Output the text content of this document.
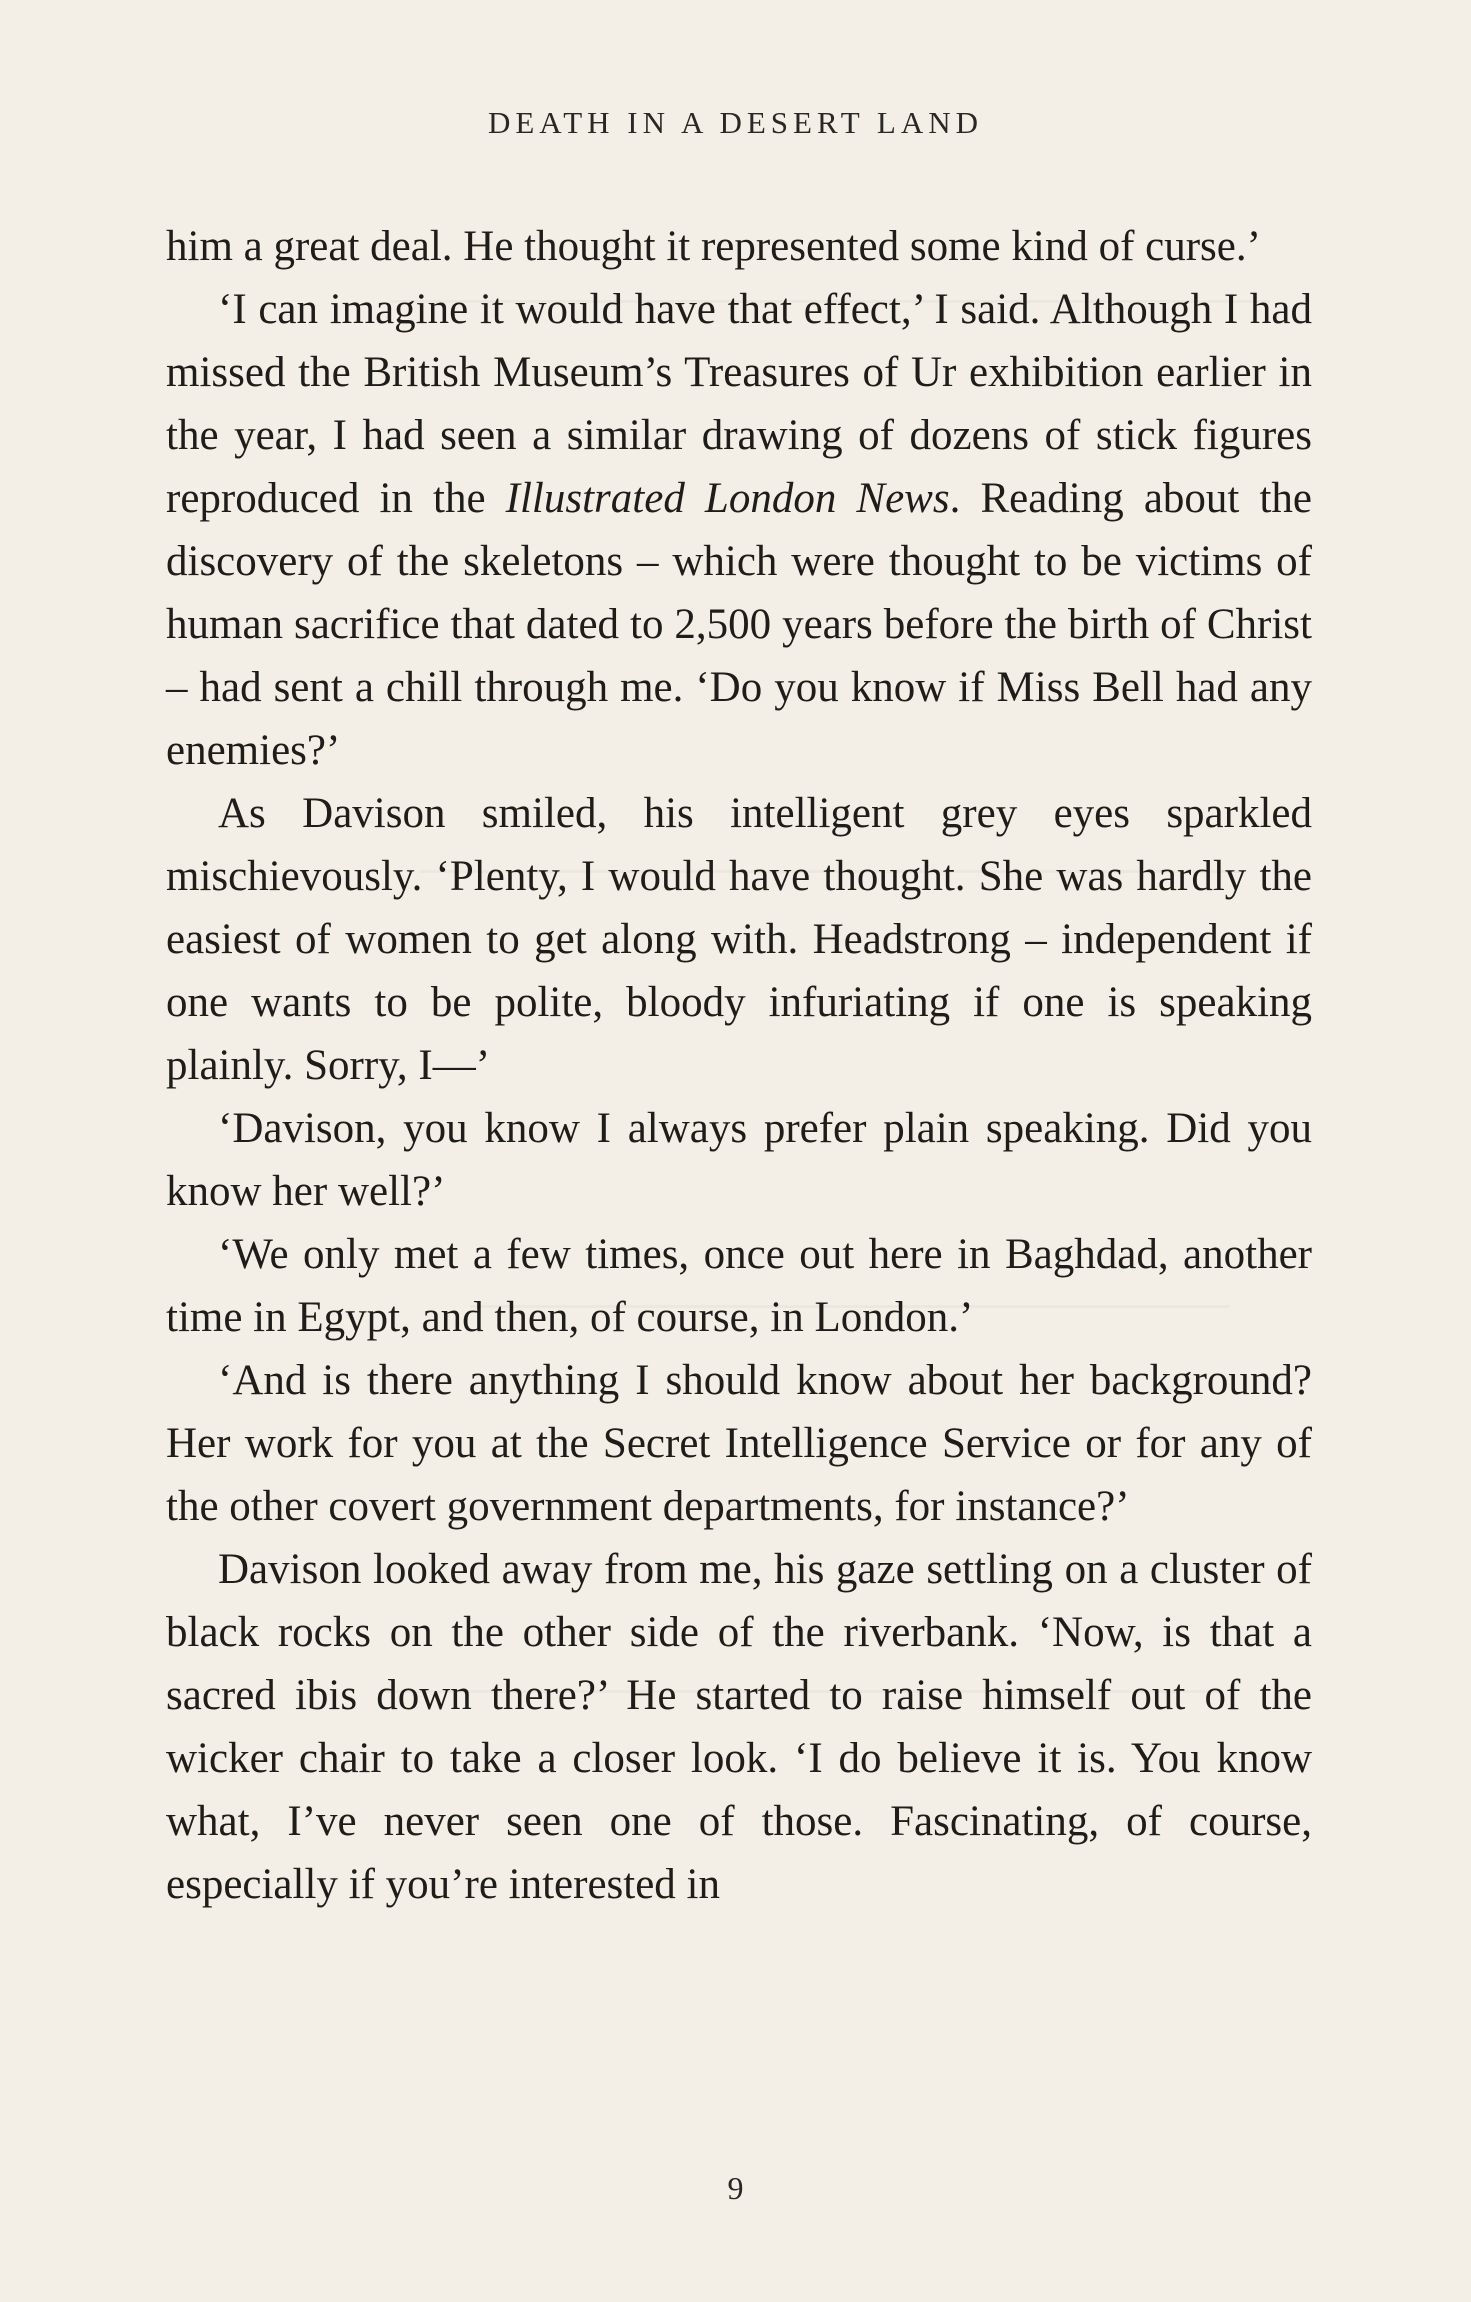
DEATH IN A DESERT LAND

him a great deal. He thought it represented some kind of curse.’

‘I can imagine it would have that effect,’ I said. Although I had missed the British Museum’s Treasures of Ur exhibition earlier in the year, I had seen a similar drawing of dozens of stick figures reproduced in the Illustrated London News. Reading about the discovery of the skeletons – which were thought to be victims of human sacrifice that dated to 2,500 years before the birth of Christ – had sent a chill through me. ‘Do you know if Miss Bell had any enemies?’

As Davison smiled, his intelligent grey eyes sparkled mischievously. ‘Plenty, I would have thought. She was hardly the easiest of women to get along with. Headstrong – independent if one wants to be polite, bloody infuriating if one is speaking plainly. Sorry, I—’

‘Davison, you know I always prefer plain speaking. Did you know her well?’

‘We only met a few times, once out here in Baghdad, another time in Egypt, and then, of course, in London.’

‘And is there anything I should know about her background? Her work for you at the Secret Intelligence Service or for any of the other covert government departments, for instance?’

Davison looked away from me, his gaze settling on a cluster of black rocks on the other side of the riverbank. ‘Now, is that a sacred ibis down there?’ He started to raise himself out of the wicker chair to take a closer look. ‘I do believe it is. You know what, I’ve never seen one of those. Fascinating, of course, especially if you’re interested in

9
